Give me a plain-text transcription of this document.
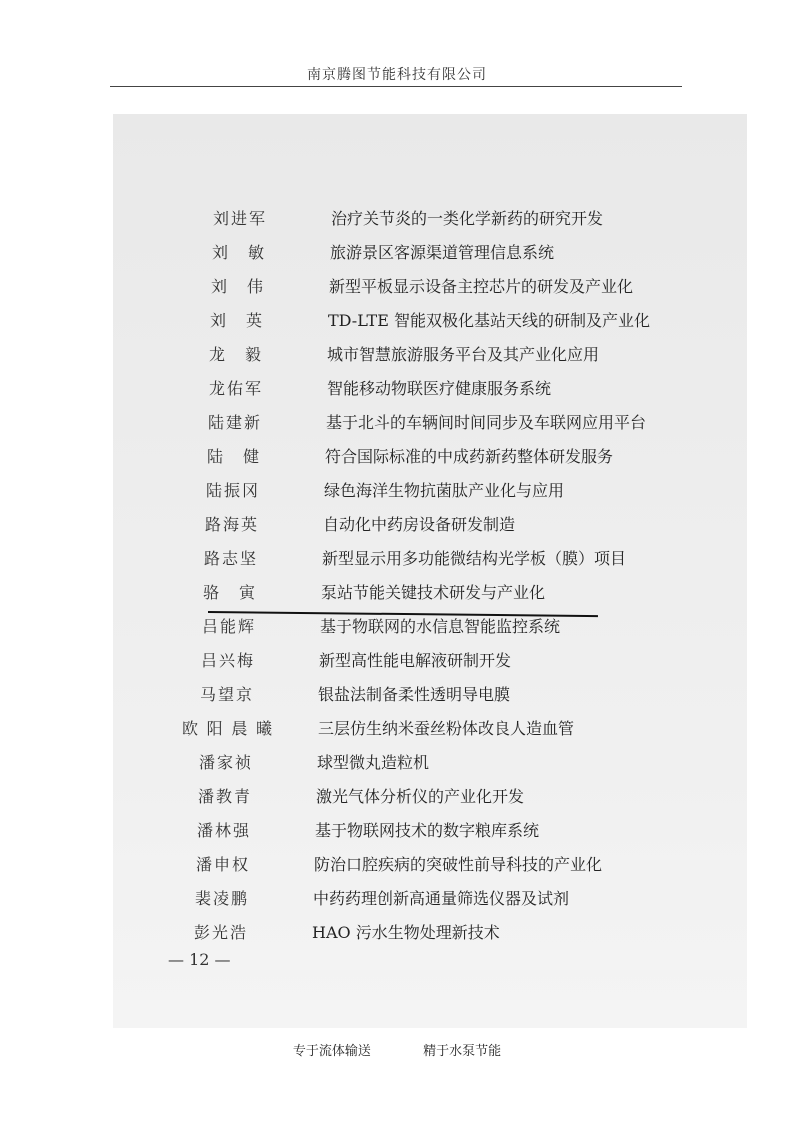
南京腾图节能科技有限公司
— 12 —
刘进军	治疗关节炎的一类化学新药的研究开发
刘 敏	旅游景区客源渠道管理信息系统
刘 伟	新型平板显示设备主控芯片的研发及产业化
刘 英	TD-LTE 智能双极化基站天线的研制及产业化
龙 毅	城市智慧旅游服务平台及其产业化应用
龙佑军	智能移动物联医疗健康服务系统
陆建新	基于北斗的车辆间时间同步及车联网应用平台
陆 健	符合国际标准的中成药新药整体研发服务
陆振冈	绿色海洋生物抗菌肽产业化与应用
路海英	自动化中药房设备研发制造
路志坚	新型显示用多功能微结构光学板（膜）项目
骆 寅	泵站节能关键技术研发与产业化
吕能辉	基于物联网的水信息智能监控系统
吕兴梅	新型高性能电解液研制开发
马望京	银盐法制备柔性透明导电膜
欧阳晨曦	三层仿生纳米蚕丝粉体改良人造血管
潘家祯	球型微丸造粒机
潘教青	激光气体分析仪的产业化开发
潘林强	基于物联网技术的数字粮库系统
潘申权	防治口腔疾病的突破性前导科技的产业化
裴凌鹏	中药药理创新高通量筛选仪器及试剂
彭光浩	HAO 污水生物处理新技术
专于流体输送	精于水泵节能
